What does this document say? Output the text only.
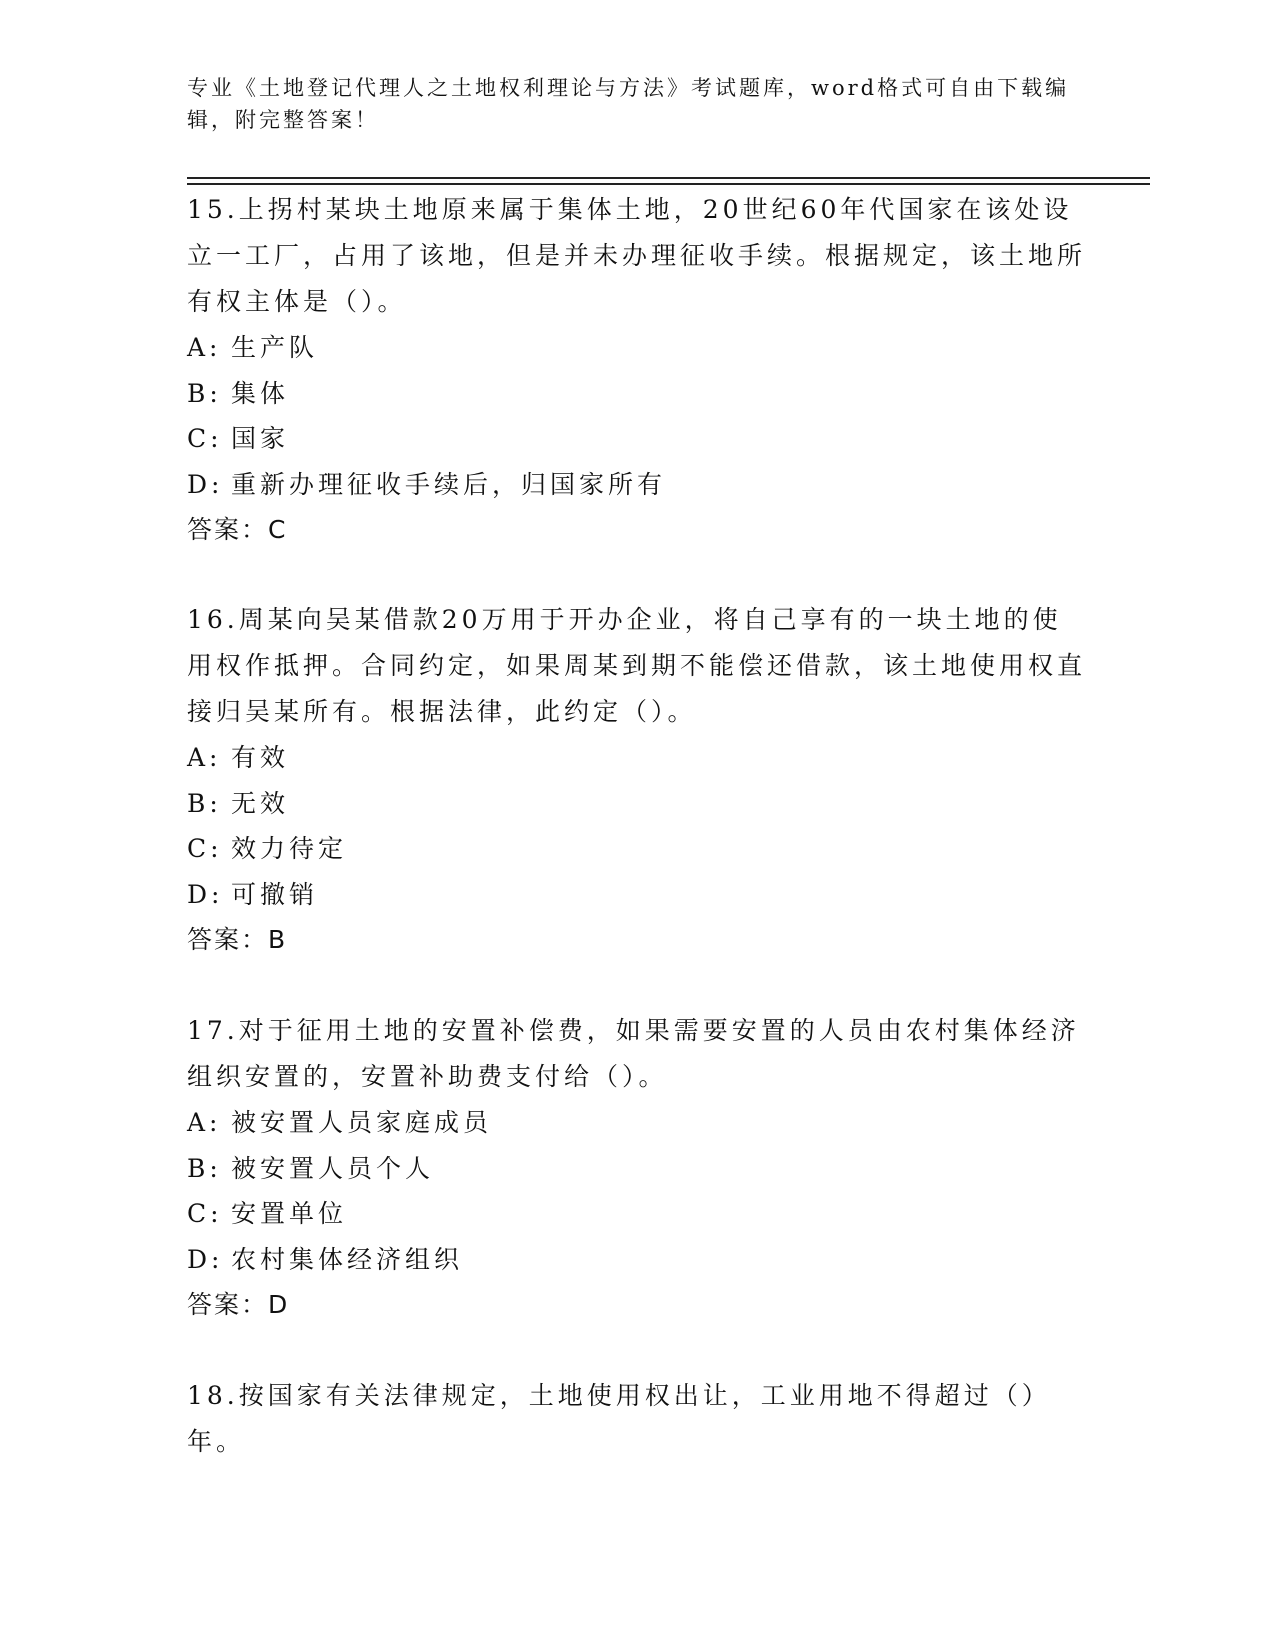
专业《土地登记代理人之土地权利理论与方法》考试题库，word格式可自由下载编辑，附完整答案！
15.上拐村某块土地原来属于集体土地，20世纪60年代国家在该处设立一工厂，占用了该地，但是并未办理征收手续。根据规定，该土地所有权主体是（）。
A: 生产队
B: 集体
C: 国家
D: 重新办理征收手续后，归国家所有
答案：C
16.周某向吴某借款20万用于开办企业，将自己享有的一块土地的使用权作抵押。合同约定，如果周某到期不能偿还借款，该土地使用权直接归吴某所有。根据法律，此约定（）。
A: 有效
B: 无效
C: 效力待定
D: 可撤销
答案：B
17.对于征用土地的安置补偿费，如果需要安置的人员由农村集体经济组织安置的，安置补助费支付给（）。
A: 被安置人员家庭成员
B: 被安置人员个人
C: 安置单位
D: 农村集体经济组织
答案：D
18.按国家有关法律规定，土地使用权出让，工业用地不得超过（）年。
